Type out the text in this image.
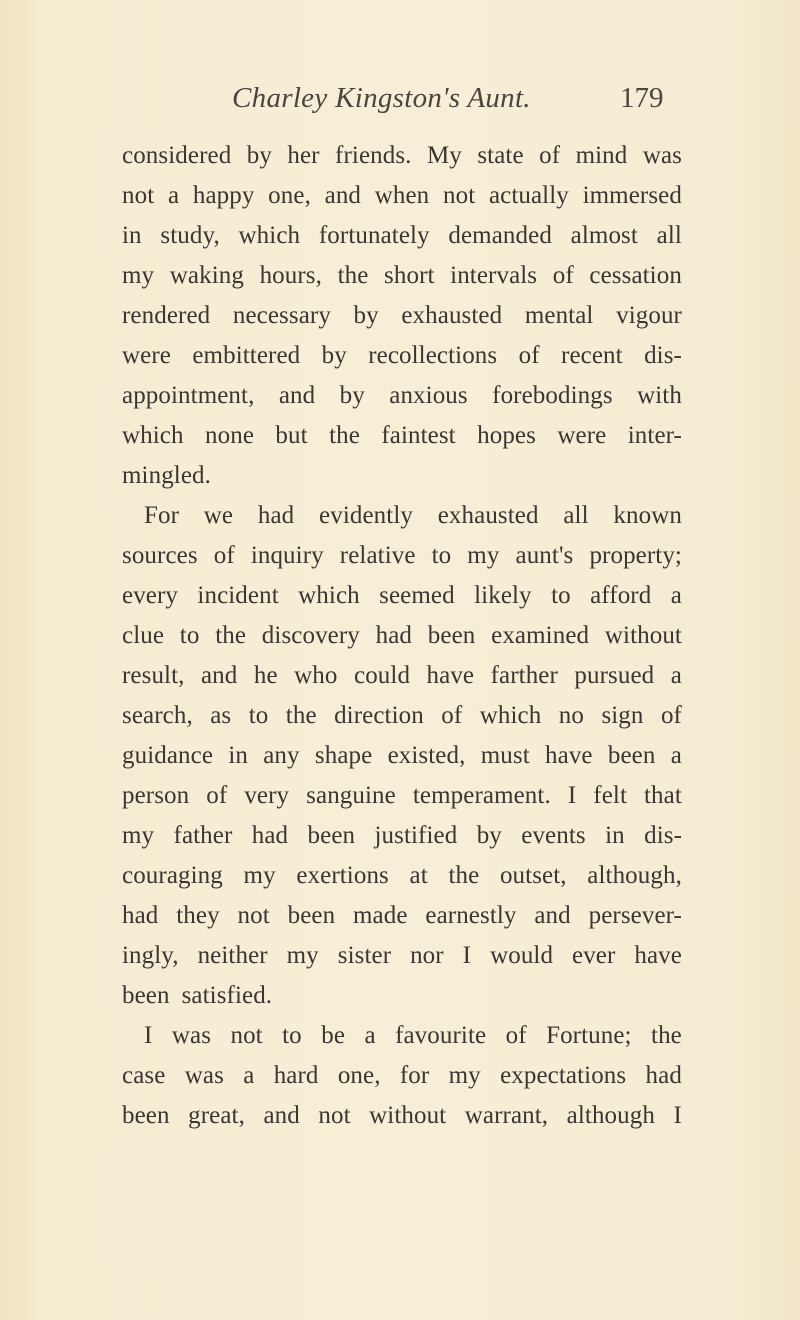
Charley Kingston's Aunt.	179
considered by her friends. My state of mind was
not a happy one, and when not actually immersed
in study, which fortunately demanded almost all
my waking hours, the short intervals of cessation
rendered necessary by exhausted mental vigour
were embittered by recollections of recent dis-
appointment, and by anxious forebodings with
which none but the faintest hopes were inter-
mingled.
For we had evidently exhausted all known
sources of inquiry relative to my aunt's property;
every incident which seemed likely to afford a
clue to the discovery had been examined without
result, and he who could have farther pursued a
search, as to the direction of which no sign of
guidance in any shape existed, must have been a
person of very sanguine temperament. I felt that
my father had been justified by events in dis-
couraging my exertions at the outset, although,
had they not been made earnestly and persever-
ingly, neither my sister nor I would ever have
been satisfied.
I was not to be a favourite of Fortune; the
case was a hard one, for my expectations had
been great, and not without warrant, although I
